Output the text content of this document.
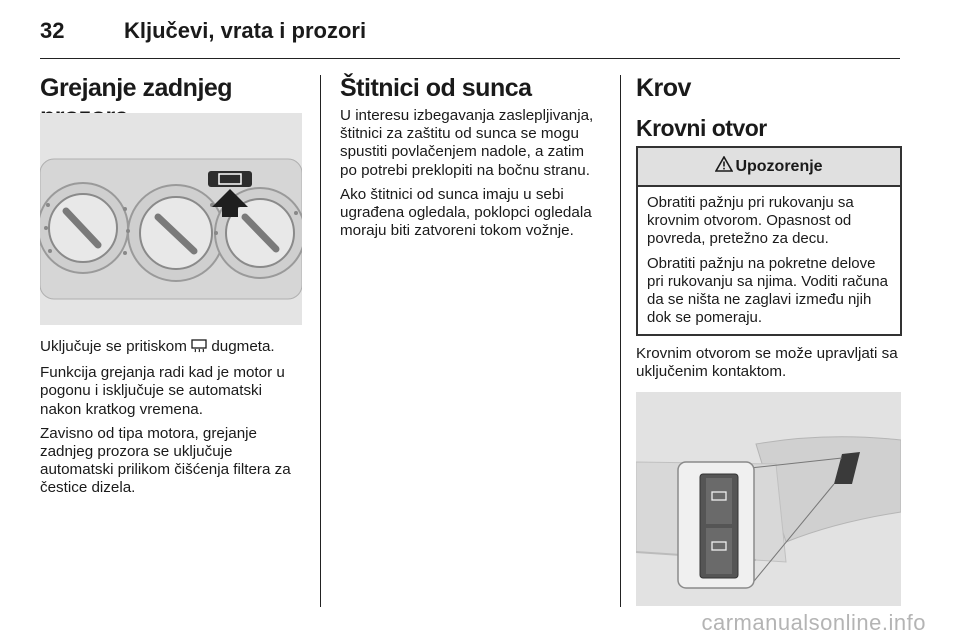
32	Ključevi, vrata i prozori
Grejanje zadnjeg

Uključuje se pritiskom dugmeta.

Funkcija grejanja radi kad je motor u pogonu i isključuje se automatski nakon kratkog vremena.

Zavisno od tipa motora, grejanje zadnjeg prozora se uključuje automatski prilikom čišćenja filtera za čestice dizela.

Štitnici od sunca

U interesu izbegavanja zaslepljivanja, štitnici za zaštitu od sunca se mogu spustiti povlačenjem nadole, a zatim po potrebi preklopiti na bočnu stranu.

Ako štitnici od sunca imaju u sebi ugrađena ogledala, poklopci ogledala moraju biti zatvoreni tokom vožnje.

Krov
Krovni otvor
Upozorenje

Obratiti pažnju pri rukovanju sa krovnim otvorom. Opasnost od povreda, pretežno za decu.

Obratiti pažnju na pokretne delove pri rukovanju sa njima. Voditi računa da se ništa ne zaglavi između njih dok se pomeraju.

Krovnim otvorom se može upravljati sa uključenim kontaktom.

carmanualsonline.info
